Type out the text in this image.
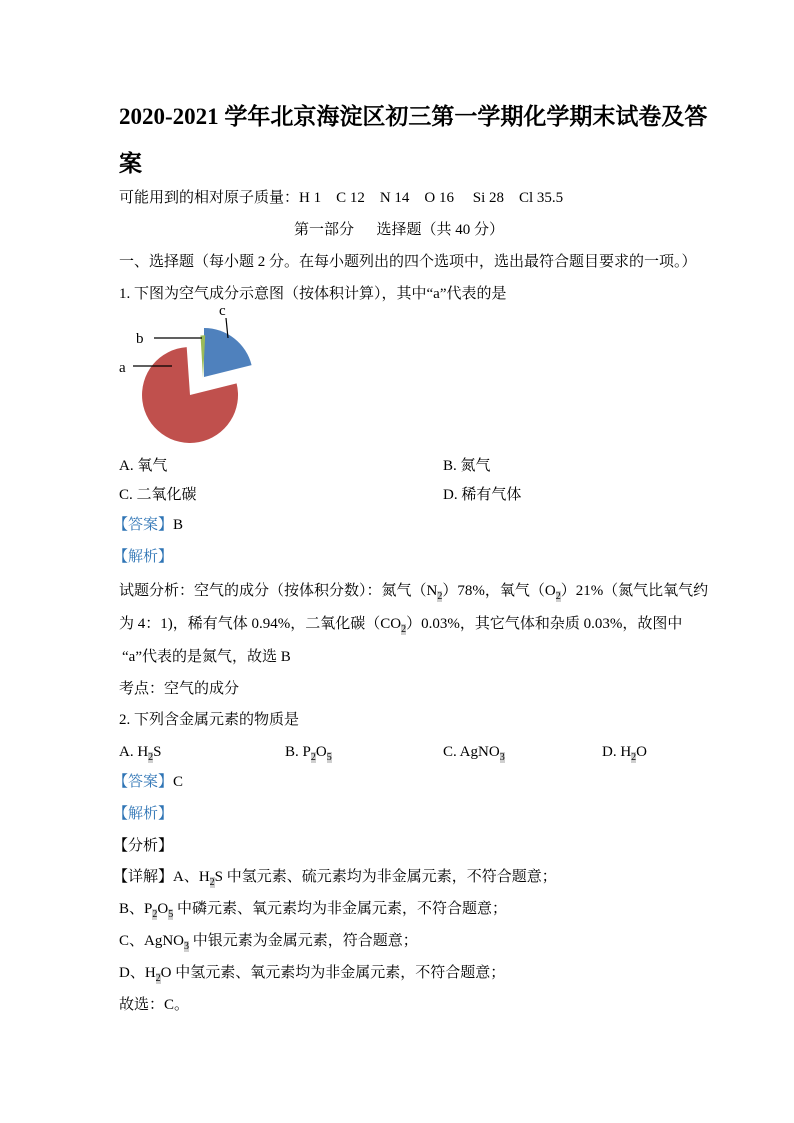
2020-2021 学年北京海淀区初三第一学期化学期末试卷及答案
可能用到的相对原子质量：H 1    C 12    N 14    O 16     Si 28    Cl 35.5
第一部分      选择题（共 40 分）
一、选择题（每小题 2 分。在每小题列出的四个选项中，选出最符合题目要求的一项。）
1. 下图为空气成分示意图（按体积计算），其中“a”代表的是
a
b
c
A. 氧气	B. 氮气
C. 二氧化碳	D. 稀有气体
【答案】B
【解析】
试题分析：空气的成分（按体积分数）：氮气$(N_2)78\%$，氧气$(O_2)21\%$（氮气比氧气约
为 4：1)，稀有气体 0.94%，二氧化碳$(CO_2)0.03\%$，其它气体和杂质 0.03%，故图中
“a”代表的是氮气，故选 B
考点：空气的成分
2. 下列含金属元素的物质是
A. $H_2S$	B. $P_2O_5$	C. AgNO$_3$	D. $H_2O$
【答案】C
【解析】
【分析】
【详解】A、$H_2S$ 中氢元素、硫元素均为非金属元素，不符合题意；
B、$P_2O_5$ 中磷元素、氧元素均为非金属元素，不符合题意；
C、AgNO$_3$ 中银元素为金属元素，符合题意；
D、$H_2O$ 中氢元素、氧元素均为非金属元素，不符合题意；
故选：C。
